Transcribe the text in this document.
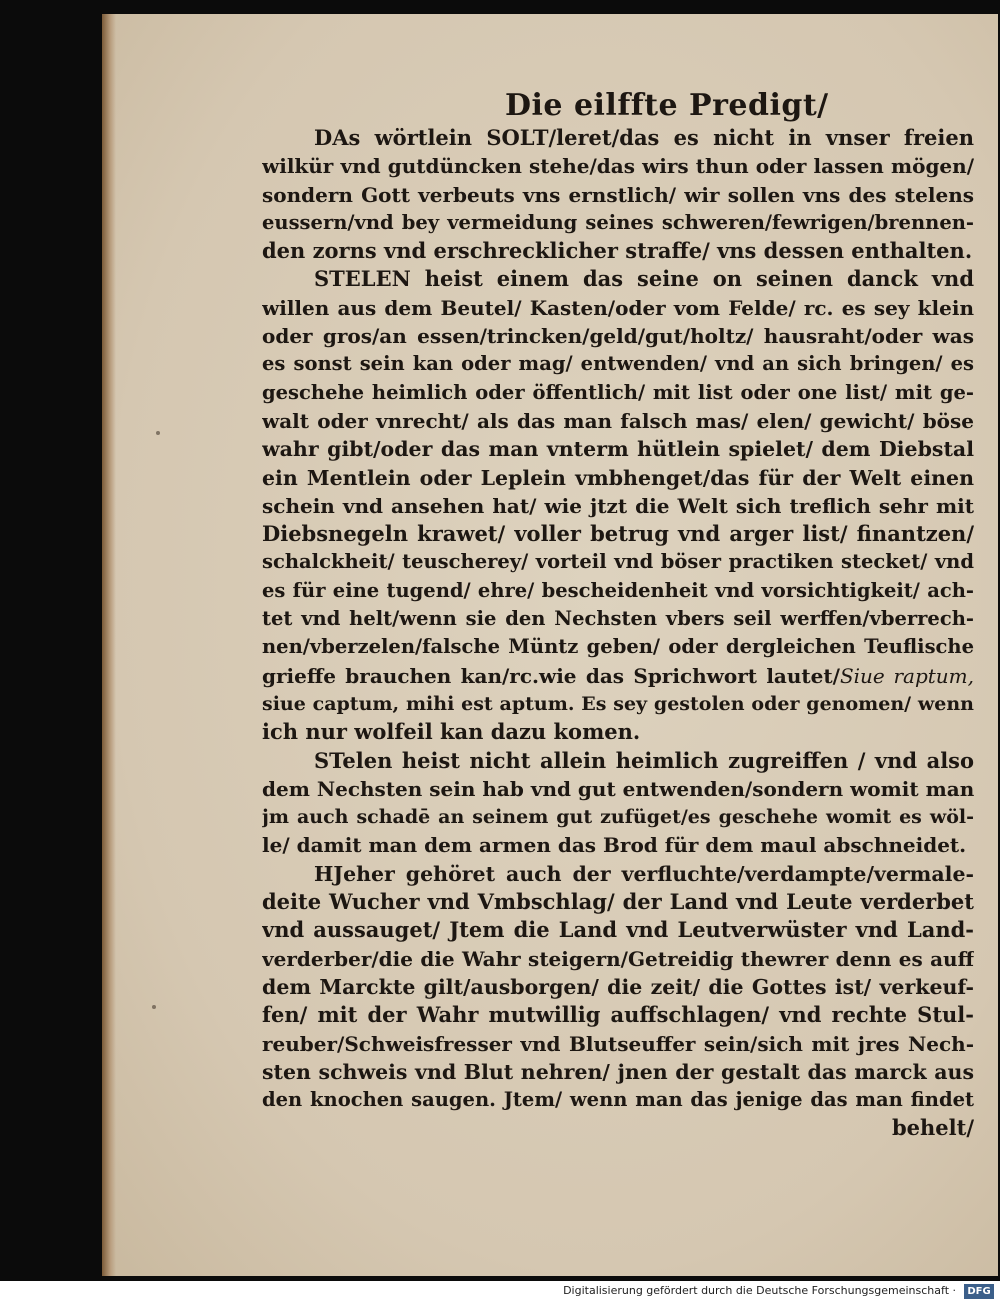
Die eilffte Predigt/
DAs wörtlein SOLT/leret/das es nicht in vnser freien
wilkür vnd gutdüncken stehe/das wirs thun oder lassen mögen/
sondern Gott verbeuts vns ernstlich/ wir sollen vns des stelens
eussern/vnd bey vermeidung seines schweren/fewrigen/brennen-
den zorns vnd erschrecklicher straffe/ vns dessen enthalten.
STELEN heist einem das seine on seinen danck vnd
willen aus dem Beutel/ Kasten/oder vom Felde/ rc. es sey klein
oder gros/an essen/trincken/geld/gut/holtz/ hausraht/oder was
es sonst sein kan oder mag/ entwenden/ vnd an sich bringen/ es
geschehe heimlich oder öffentlich/ mit list oder one list/ mit ge-
walt oder vnrecht/ als das man falsch mas/ elen/ gewicht/ böse
wahr gibt/oder das man vnterm hütlein spielet/ dem Diebstal
ein Mentlein oder Leplein vmbhenget/das für der Welt einen
schein vnd ansehen hat/ wie jtzt die Welt sich treflich sehr mit
Diebsnegeln krawet/ voller betrug vnd arger list/ finantzen/
schalckheit/ teuscherey/ vorteil vnd böser practiken stecket/ vnd
es für eine tugend/ ehre/ bescheidenheit vnd vorsichtigkeit/ ach-
tet vnd helt/wenn sie den Nechsten vbers seil werffen/vberrech-
nen/vberzelen/falsche Müntz geben/ oder dergleichen Teuflische
grieffe brauchen kan/rc.wie das Sprichwort lautet/Siue raptum,
siue captum, mihi est aptum. Es sey gestolen oder genomen/ wenn
ich nur wolfeil kan dazu komen.
STelen heist nicht allein heimlich zugreiffen / vnd also
dem Nechsten sein hab vnd gut entwenden/sondern womit man
jm auch schadē an seinem gut zufüget/es geschehe womit es wöl-
le/ damit man dem armen das Brod für dem maul abschneidet.
HJeher gehöret auch der verfluchte/verdampte/vermale-
deite Wucher vnd Vmbschlag/ der Land vnd Leute verderbet
vnd aussauget/ Jtem die Land vnd Leutverwüster vnd Land-
verderber/die die Wahr steigern/Getreidig thewrer denn es auff
dem Marckte gilt/ausborgen/ die zeit/ die Gottes ist/ verkeuf-
fen/ mit der Wahr mutwillig auffschlagen/ vnd rechte Stul-
reuber/Schweisfresser vnd Blutseuffer sein/sich mit jres Nech-
sten schweis vnd Blut nehren/ jnen der gestalt das marck aus
den knochen saugen. Jtem/ wenn man das jenige das man findet
behelt/
Digitalisierung gefördert durch die Deutsche Forschungsgemeinschaft ·	DFG
